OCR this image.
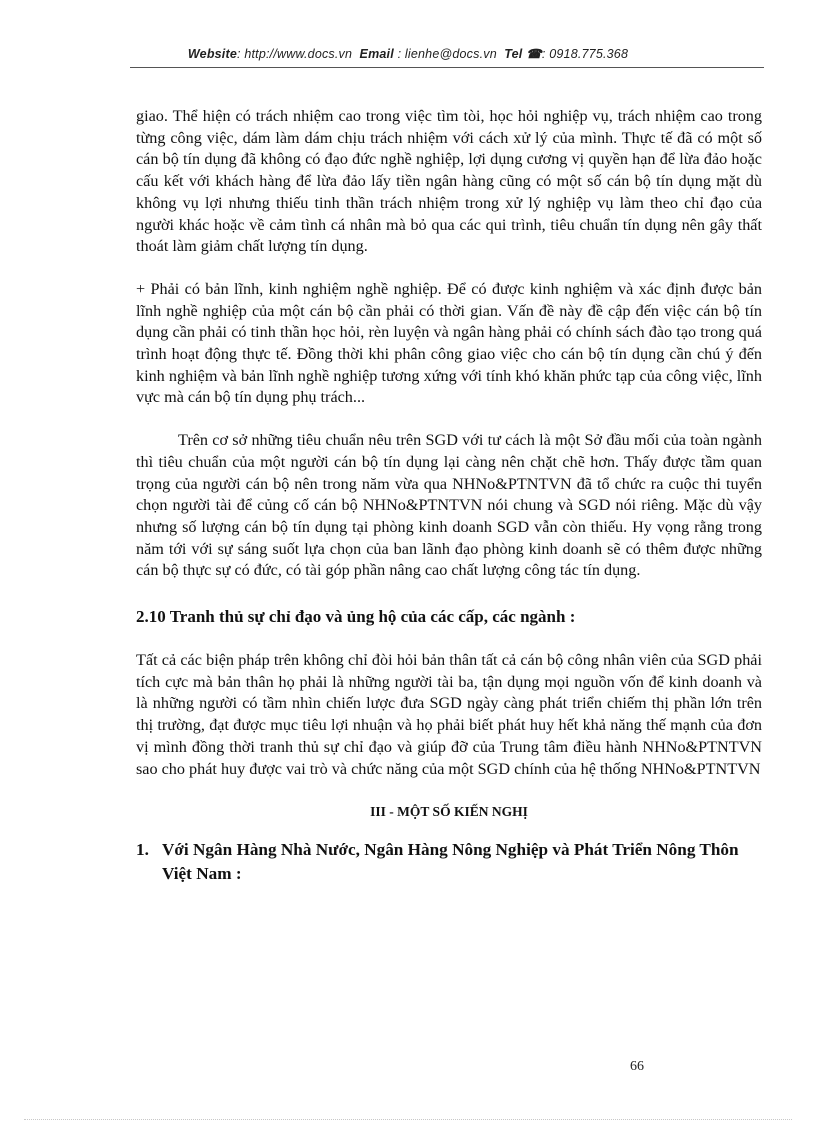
Website: http://www.docs.vn Email : lienhe@docs.vn Tel ☎: 0918.775.368

giao. Thể hiện có trách nhiệm cao trong việc tìm tòi, học hỏi nghiệp vụ, trách nhiệm cao trong từng công việc, dám làm dám chịu trách nhiệm với cách xử lý của mình. Thực tế đã có một số cán bộ tín dụng đã không có đạo đức nghề nghiệp, lợi dụng cương vị quyền hạn để lừa đảo hoặc cấu kết với khách hàng để lừa đảo lấy tiền ngân hàng cũng có một số cán bộ tín dụng mặt dù không vụ lợi nhưng thiếu tinh thần trách nhiệm trong xử lý nghiệp vụ làm theo chỉ đạo của người khác hoặc về cảm tình cá nhân mà bỏ qua các qui trình, tiêu chuẩn tín dụng nên gây thất thoát làm giảm chất lượng tín dụng.

+ Phải có bản lĩnh, kinh nghiệm nghề nghiệp. Để có được kinh nghiệm và xác định được bản lĩnh nghề nghiệp của một cán bộ cần phải có thời gian. Vấn đề này đề cập đến việc cán bộ tín dụng cần phải có tinh thần học hỏi, rèn luyện và ngân hàng phải có chính sách đào tạo trong quá trình hoạt động thực tế. Đồng thời khi phân công giao việc cho cán bộ tín dụng cần chú ý đến kinh nghiệm và bản lĩnh nghề nghiệp tương xứng với tính khó khăn phức tạp của công việc, lĩnh vực mà cán bộ tín dụng phụ trách...

Trên cơ sở những tiêu chuẩn nêu trên SGD với tư cách là một Sở đầu mối của toàn ngành thì tiêu chuẩn của một người cán bộ tín dụng lại càng nên chặt chẽ hơn. Thấy được tầm quan trọng của người cán bộ nên trong năm vừa qua NHNo&PTNTVN đã tổ chức ra cuộc thi tuyển chọn người tài để củng cố cán bộ NHNo&PTNTVN nói chung và SGD nói riêng. Mặc dù vậy nhưng số lượng cán bộ tín dụng tại phòng kinh doanh SGD vẫn còn thiếu. Hy vọng rằng trong năm tới với sự sáng suốt lựa chọn của ban lãnh đạo phòng kinh doanh sẽ có thêm được những cán bộ thực sự có đức, có tài góp phần nâng cao chất lượng công tác tín dụng.

2.10 Tranh thủ sự chỉ đạo và ủng hộ của các cấp, các ngành :

Tất cả các biện pháp trên không chỉ đòi hỏi bản thân tất cả cán bộ công nhân viên của SGD phải tích cực mà bản thân họ phải là những người tài ba, tận dụng mọi nguồn vốn để kinh doanh và là những người có tầm nhìn chiến lược đưa SGD ngày càng phát triển chiếm thị phần lớn trên thị trường, đạt được mục tiêu lợi nhuận và họ phải biết phát huy hết khả năng thế mạnh của đơn vị mình đồng thời tranh thủ sự chỉ đạo và giúp đỡ của Trung tâm điều hành NHNo&PTNTVN sao cho phát huy được vai trò và chức năng của một SGD chính của hệ thống NHNo&PTNTVN

III - MỘT SỐ KIẾN NGHỊ

1. Với Ngân Hàng Nhà Nước, Ngân Hàng Nông Nghiệp và Phát Triển Nông Thôn Việt Nam :
66
